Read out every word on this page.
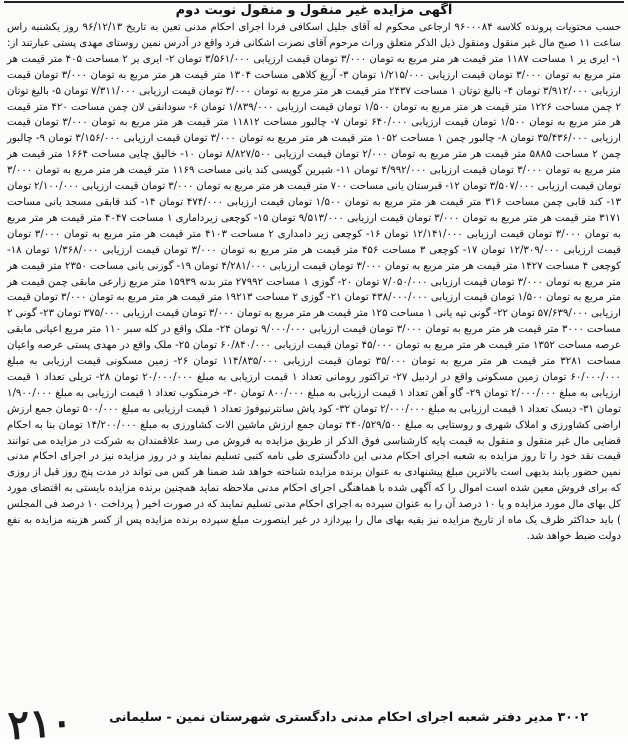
آگهی مزایده غیر منقول و منقول نوبت دوم

حسب محتویات پرونده کلاسه ۹۶۰۰۰۸۴ ارجاعی محکوم له آقای جلیل اسکافی فردا اجرای احکام مدنی تعین به تاریخ ۹۶/۱۲/۱۳ روز یکشنبه راس ساعت ۱۱ صبح مال غیر منقول ومنقول ذیل الذکر متعلق وراث مرحوم آقای نصرت اشکانی فرد واقع در آدرس نمین روستای مهدی پستی عبارتند از: ۱- ایری یر ۱ مساحت ۱۱۸۷ متر قیمت هر متر مربع به تومان ۳/۰۰۰ تومان قیمت ارزیابی ۳/۵۶۱/۰۰۰ تومان ۲- ایری یر ۲ مساحت ۴۰۵ متر قیمت هر متر مربع به تومان ۳/۰۰۰ تومان قیمت ارزیابی ۱/۲۱۵/۰۰۰ تومان ۳- آریغ کلاهی مساحت ۱۳۰۴ متر قیمت هر متر مربع به تومان ۳/۰۰۰ تومان قیمت ارزیابی ۳/۹۱۲/۰۰۰ تومان ۴- بالیغ توتان ۱ مساحت ۲۴۳۷ متر قیمت هر متر مربع به تومان ۳/۰۰۰ تومان قیمت ارزیابی ۷/۳۱۱/۰۰۰ تومان ۵- بالیغ توتان ۲ چمن مساحت ۱۲۲۶ متر قیمت هر متر مربع به تومان ۱/۵۰۰ تومان قیمت ارزیابی ۱/۸۳۹/۰۰۰ تومان ۶- سودانقی لان چمن مساحت ۴۲۰ متر قیمت هر متر مربع به تومان ۱/۵۰۰ تومان قیمت ارزیابی ۶۴۰/۰۰۰ تومان ۷- چالبور مساحت ۱۱۸۱۲ متر قیمت هر متر مربع به تومان ۳/۰۰۰ تومان قیمت ارزیابی ۳۵/۴۳۶/۰۰۰ تومان ۸- چالبور چمن ۱ مساحت ۱۰۵۲ متر قیمت هر متر مربع به تومان ۳/۰۰۰ تومان قیمت ارزیابی ۳/۱۵۶/۰۰۰ تومان ۹- چالبور چمن ۲ مساحت ۵۸۸۵ متر قیمت هر متر مربع به تومان ۲/۰۰۰ تومان قیمت ارزیابی ۸/۸۲۷/۵۰۰ تومان ۱۰- خالیق چایی مساحت ۱۶۶۴ متر قیمت هر متر مربع به تومان ۳/۰۰۰ تومان قیمت ارزیابی ۴/۹۹۲/۰۰۰ تومان ۱۱- شیرین گوپسی کند یانی مساحت ۱۱۶۹ متر قیمت هر متر مربع به تومان ۳/۰۰۰ تومان قیمت ارزیابی ۳/۵۰۷/۰۰۰ تومان ۱۲- قبرستان یانی مساحت ۷۰۰ متر قیمت هر متر مربع به تومان ۳/۰۰۰ تومان قیمت ارزیابی ۲/۱۰۰/۰۰۰ تومان ۱۳- کند قابی چمن مساحت ۳۱۶ متر قیمت هر متر مربع به تومان ۱/۵۰۰ تومان قیمت ارزیابی ۴۷۴/۰۰۰ تومان ۱۴- کند قابقی مسجد یانی مساحت ۳۱۷۱ متر قیمت هر متر مربع به تومان ۳/۰۰۰ تومان قیمت ارزیابی ۹/۵۱۳/۰۰۰ تومان ۱۵- کوچعی زیرداماری ۱ مساحت ۴۰۴۷ متر قیمت هر متر مربع به تومان ۳/۰۰۰ تومان قیمت ارزیابی ۱۲/۱۴۱/۰۰۰ تومان ۱۶- کوچعی زیر دامداری ۲ مساحت ۴۱۰۳ متر قیمت هر متر مربع به تومان ۳/۰۰۰ تومان قیمت ارزیابی ۱۲/۳۰۹/۰۰۰ تومان ۱۷- کوچعی ۳ مساحت ۴۵۶ متر قیمت هر متر مربع به تومان ۳/۰۰۰ تومان قیمت ارزیابی ۱/۳۶۸/۰۰۰ تومان ۱۸- کوچعی ۴ مساحت ۱۴۲۷ متر قیمت هر متر مربع به تومان ۳/۰۰۰ تومان قیمت ارزیابی ۴/۲۸۱/۰۰۰ تومان ۱۹- گوزنی یانی مساحت ۲۳۵۰ متر قیمت هر متر مربع به تومان ۳/۰۰۰ تومان قیمت ارزیابی ۷/۰۵۰/۰۰۰ تومان ۲۰- گوزی ۱ مساحت ۲۷۹۹۲ متر بدنه ۱۵۹۳۹ متر مربع زارعی مابقی چمن قیمت هر متر مربع به تومان ۱/۵۰۰ تومان قیمت ارزیابی ۴۳۸/۰۰۰/۰۰۰ تومان ۲۱- گوزی ۲ مساحت ۱۹۲۱۳ متر قیمت هر متر مربع به تومان ۳/۰۰۰ تومان قیمت ارزیابی ۵۷/۶۳۹/۰۰۰ تومان ۲۲- گونی تپه یانی ۱ مساحت ۱۲۵ متر قیمت هر متر مربع به تومان ۳/۰۰۰ تومان قیمت ارزیابی ۳۷۵/۰۰۰ تومان ۲۳- گونی ۲ مساحت ۳۰۰۰ متر قیمت هر متر مربع به تومان ۳/۰۰۰ تومان قیمت ارزیابی ۹/۰۰۰/۰۰۰ تومان ۲۴- ملک واقع در کله سبر ۱۱۰ متر مربع اعیانی مابقی عرصه مساحت ۱۳۵۲ متر قیمت هر متر مربع به تومان ۴۵/۰۰۰ تومان قیمت ارزیابی ۶۰/۸۴۰/۰۰۰ تومان ۲۵- ملک واقع در مهدی پستی عرصه واعیان مساحت ۳۲۸۱ متر قیمت هر متر مربع به تومان ۳۵/۰۰۰ تومان قیمت ارزیابی ۱۱۴/۸۳۵/۰۰۰ تومان ۲۶- زمین مسکونی قیمت ارزیابی به مبلغ ۶۰/۰۰۰/۰۰۰ تومان زمین مسکونی واقع در اردبیل ۲۷- تراکتور رومانی تعداد ۱ قیمت ارزیابی به مبلغ ۲۰/۰۰۰/۰۰۰ تومان ۲۸- تریلی تعداد ۱ قیمت ارزیابی به مبلغ ۲/۰۰۰/۰۰۰ تومان ۲۹- گاو آهن تعداد ۱ قیمت ارزیابی به مبلغ ۸۰۰/۰۰۰ تومان ۳۰- خرمنکوب تعداد ۱ قیمت ارزیابی به مبلغ ۱/۹۰۰/۰۰۰ تومان ۳۱- دیسک تعداد ۱ قیمت ارزیابی به مبلغ ۲/۰۰۰/۰۰۰ تومان ۳۲- کود پاش سانترنیوفوژ تعداد ۱ قیمت ارزیابی به مبلغ ۵۰۰/۰۰۰ تومان جمع ارزش اراضی کشاورزی و املاک شهری و روستایی به مبلغ ۴۴۰/۵۲۹/۵۰۰ تومان جمع ارزش ماشین الات کشاورزی به مبلغ ۱۴/۲۰۰/۰۰۰ تومان بنا به احکام قضایی مال غیر منقول و منقول به قیمت پایه کارشناسی فوق الذکر از طریق مزایده به فروش می رسد علاقمندان به شرکت در مزایده می توانند قیمت نقد خود را تا روز مزایده به شعبه اجرای احکام مدنی این دادگستری طی نامه کتبی تسلیم نمایند و در روز مزایده نیز در اجرای احکام مدنی نمین حضور یابند بدیهی است بالاترین مبلغ پیشنهادی به عنوان برنده مزایده شناخته خواهد شد ضمنا هر کس می تواند در مدت پنج روز قبل از روزی که برای فروش معین شده است اموال را که آگهی شده با هماهنگی اجرای احکام مدنی ملاحظه نماید همچنین برنده مزایده بایستی به اقتضای مورد کل بهای مال مورد مزایده و یا ۱۰ درصد آن را به عنوان سپرده به اجرای احکام مدنی تسلیم نمایند که در صورت اخیر ( پرداخت ۱۰ درصد فی المجلس ) باید حداکثر ظرف یک ماه از تاریخ مزایده نیز بقیه بهای مال را بپردازد در غیر اینصورت مبلغ سپرده برنده مزایده پس از کسر هزینه مزایده به نفع دولت ضبط خواهد شد.

۲۱۰	۳۰۰۲ مدیر دفتر شعبه اجرای احکام مدنی دادگستری شهرستان نمین - سلیمانی
